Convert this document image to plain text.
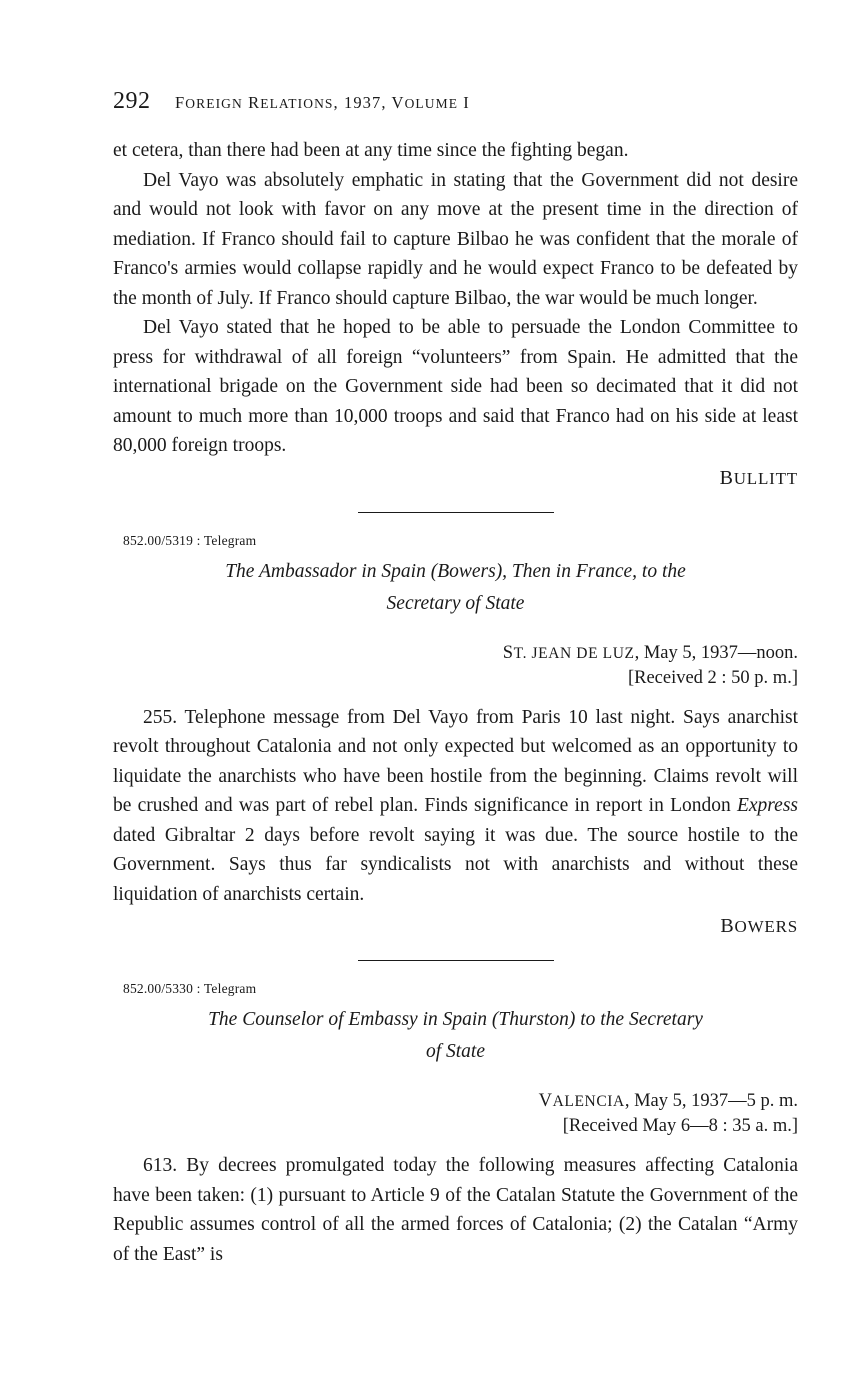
292	FOREIGN RELATIONS, 1937, VOLUME I

et cetera, than there had been at any time since the fighting began.

Del Vayo was absolutely emphatic in stating that the Government did not desire and would not look with favor on any move at the present time in the direction of mediation. If Franco should fail to capture Bilbao he was confident that the morale of Franco's armies would collapse rapidly and he would expect Franco to be defeated by the month of July. If Franco should capture Bilbao, the war would be much longer.

Del Vayo stated that he hoped to be able to persuade the London Committee to press for withdrawal of all foreign “volunteers” from Spain. He admitted that the international brigade on the Government side had been so decimated that it did not amount to much more than 10,000 troops and said that Franco had on his side at least 80,000 foreign troops.

BULLITT

852.00/5319 : Telegram

The Ambassador in Spain (Bowers), Then in France, to the

Secretary of State

ST. JEAN DE LUZ, May 5, 1937—noon.

[Received 2 : 50 p. m.]

255. Telephone message from Del Vayo from Paris 10 last night. Says anarchist revolt throughout Catalonia and not only expected but welcomed as an opportunity to liquidate the anarchists who have been hostile from the beginning. Claims revolt will be crushed and was part of rebel plan. Finds significance in report in London Express dated Gibraltar 2 days before revolt saying it was due. The source hostile to the Government. Says thus far syndicalists not with anarchists and without these liquidation of anarchists certain.

BOWERS

852.00/5330 : Telegram

The Counselor of Embassy in Spain (Thurston) to the Secretary

of State

VALENCIA, May 5, 1937—5 p. m.

[Received May 6—8 : 35 a. m.]

613. By decrees promulgated today the following measures affecting Catalonia have been taken: (1) pursuant to Article 9 of the Catalan Statute the Government of the Republic assumes control of all the armed forces of Catalonia; (2) the Catalan “Army of the East” is
